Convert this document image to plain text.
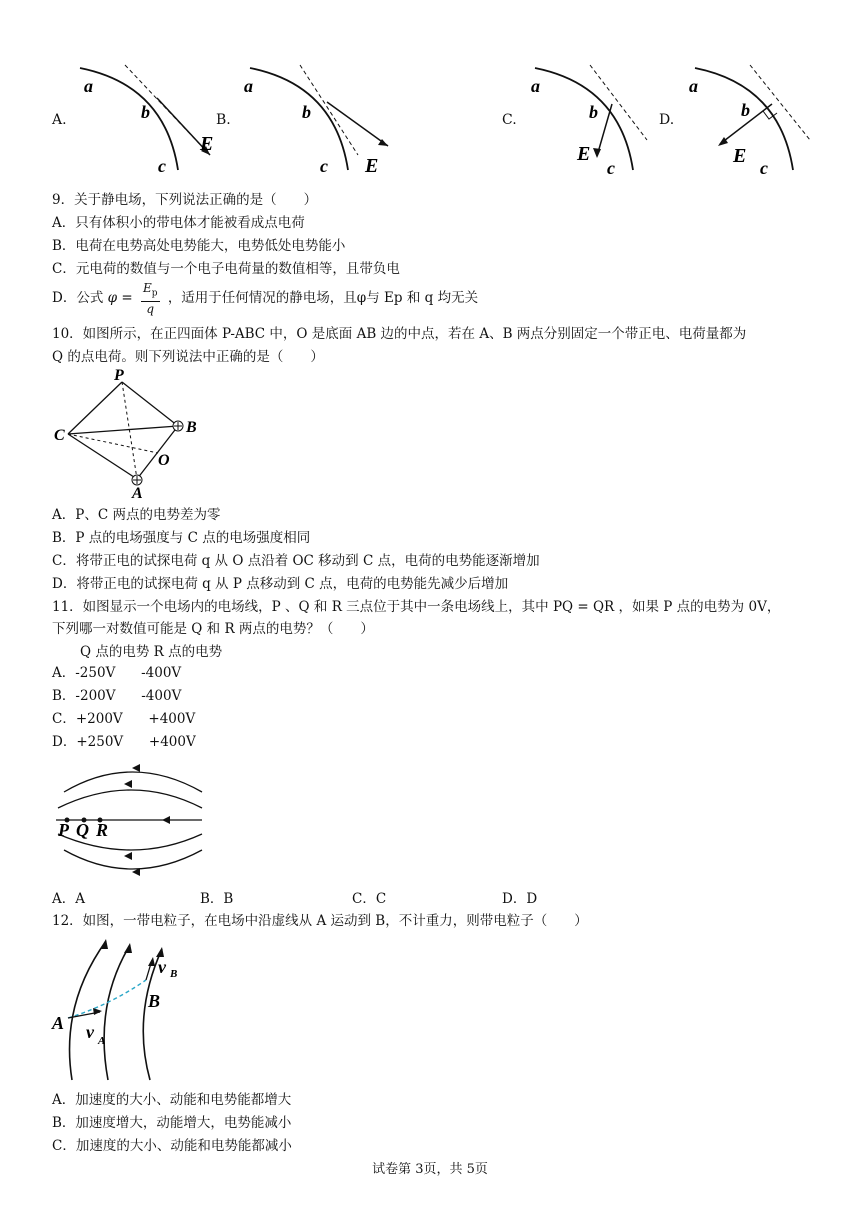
A.
a
b
c
E
B.
a
b
c E
C.
a
b
c
E
D.
a
b
c
E
9．关于静电场，下列说法正确的是（　　）
A．只有体积小的带电体才能被看成点电荷
B．电荷在电势高处电势能大，电势低处电势能小
C．元电荷的数值与一个电子电荷量的数值相等，且带负电
D．公式 $\varphi = \frac{E_p}{q}$ ，适用于任何情况的静电场，且φ与 Ep 和 q 均无关
10．如图所示，在正四面体 P-ABC 中，O 是底面 AB 边的中点，若在 A、B 两点分别固定一个带正电、电荷量都为
Q 的点电荷。则下列说法中正确的是（　　）
P
C	B
O
A
A．P、C 两点的电势差为零
B．P 点的电场强度与 C 点的电场强度相同
C．将带正电的试探电荷 q 从 O 点沿着 OC 移动到 C 点，电荷的电势能逐渐增加
D．将带正电的试探电荷 q 从 P 点移动到 C 点，电荷的电势能先减少后增加
11．如图显示一个电场内的电场线，P 、Q 和 R 三点位于其中一条电场线上，其中 PQ = QR ，如果 P 点的电势为 0V，
下列哪一对数值可能是 Q 和 R 两点的电势？（　　）
Q 点的电势 R 点的电势
A．-250V      -400V
B．-200V      -400V
C．+200V      +400V
D．+250V      +400V
P Q R
A．A	B．B	C．C	D．D
12．如图，一带电粒子，在电场中沿虚线从 A 运动到 B，不计重力，则带电粒子（　　）
A
B
v A
v B
A．加速度的大小、动能和电势能都增大
B．加速度增大，动能增大，电势能减小
C．加速度的大小、动能和电势能都减小
试卷第 3页，共 5页
